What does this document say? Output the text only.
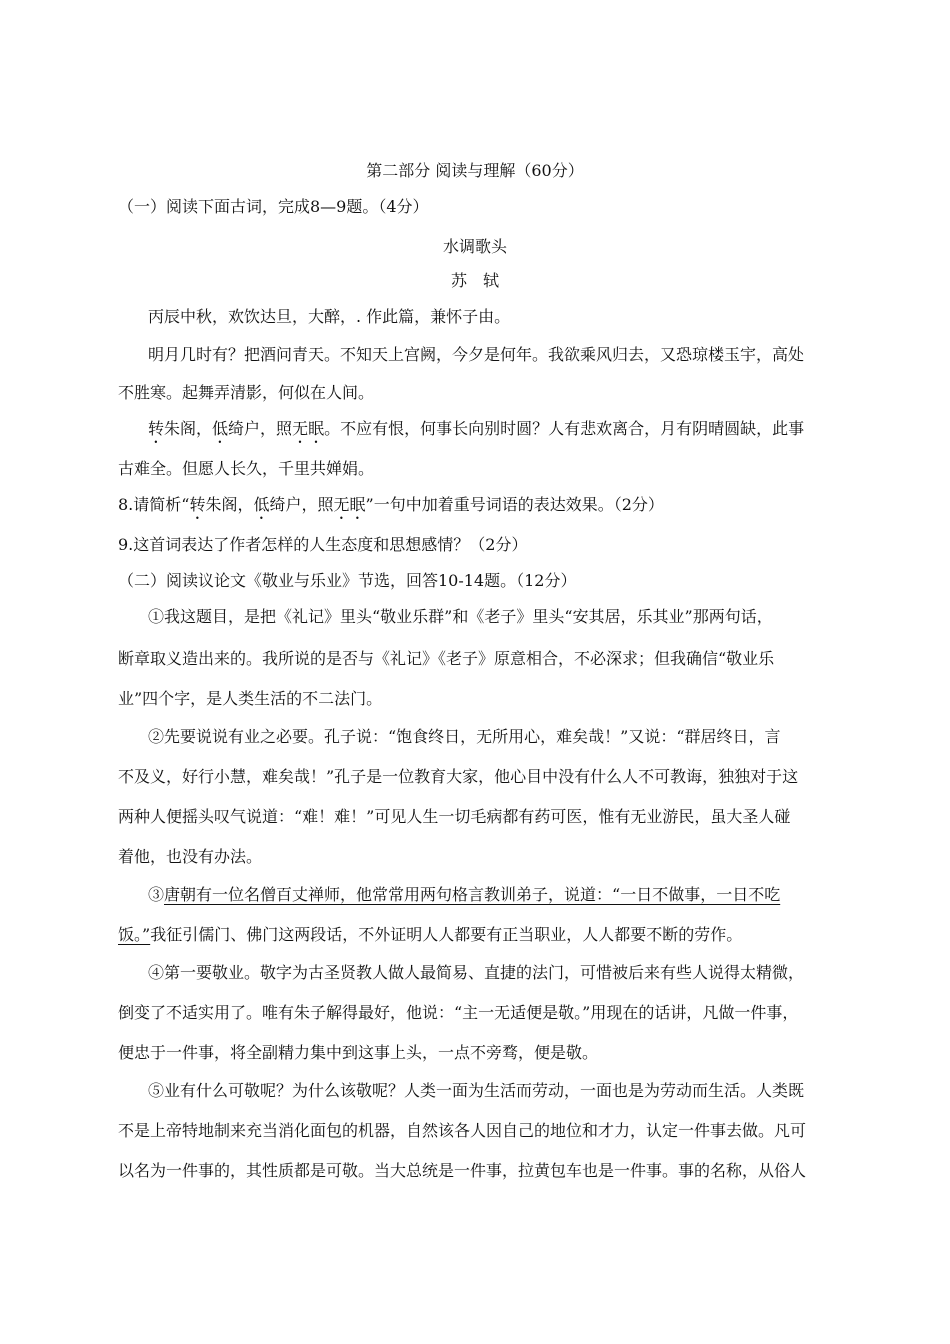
第二部分 阅读与理解（60分）
（一）阅读下面古词，完成8—9题。（4分）
水调歌头
苏　轼
丙辰中秋，欢饮达旦，大醉，. 作此篇，兼怀子由。
明月几时有？把酒问青天。不知天上宫阙，今夕是何年。我欲乘风归去，又恐琼楼玉宇，高处
不胜寒。起舞弄清影，何似在人间。
转朱阁，低绮户，照无眠。不应有恨，何事长向别时圆？人有悲欢离合，月有阴晴圆缺，此事
古难全。但愿人长久，千里共婵娟。
8.请简析“转朱阁，低绮户，照无眠”一句中加着重号词语的表达效果。（2分）
9.这首词表达了作者怎样的人生态度和思想感情？（2分）
（二）阅读议论文《敬业与乐业》节选，回答10-14题。（12分）
①我这题目，是把《礼记》里头“敬业乐群”和《老子》里头“安其居，乐其业”那两句话，
断章取义造出来的。我所说的是否与《礼记》《老子》原意相合，不必深求；但我确信“敬业乐
业”四个字，是人类生活的不二法门。
②先要说说有业之必要。孔子说：“饱食终日，无所用心，难矣哉！”又说：“群居终日，言
不及义，好行小慧，难矣哉！”孔子是一位教育大家，他心目中没有什么人不可教诲，独独对于这
两种人便摇头叹气说道：“难！难！”可见人生一切毛病都有药可医，惟有无业游民，虽大圣人碰
着他，也没有办法。
③唐朝有一位名僧百丈禅师，他常常用两句格言教训弟子，说道：“一日不做事，一日不吃
饭。”我征引儒门、佛门这两段话，不外证明人人都要有正当职业，人人都要不断的劳作。
④第一要敬业。敬字为古圣贤教人做人最简易、直捷的法门，可惜被后来有些人说得太精微，
倒变了不适实用了。唯有朱子解得最好，他说：“主一无适便是敬。”用现在的话讲，凡做一件事，
便忠于一件事，将全副精力集中到这事上头，一点不旁骛，便是敬。
⑤业有什么可敬呢？为什么该敬呢？人类一面为生活而劳动，一面也是为劳动而生活。人类既
不是上帝特地制来充当消化面包的机器，自然该各人因自己的地位和才力，认定一件事去做。凡可
以名为一件事的，其性质都是可敬。当大总统是一件事，拉黄包车也是一件事。事的名称，从俗人
